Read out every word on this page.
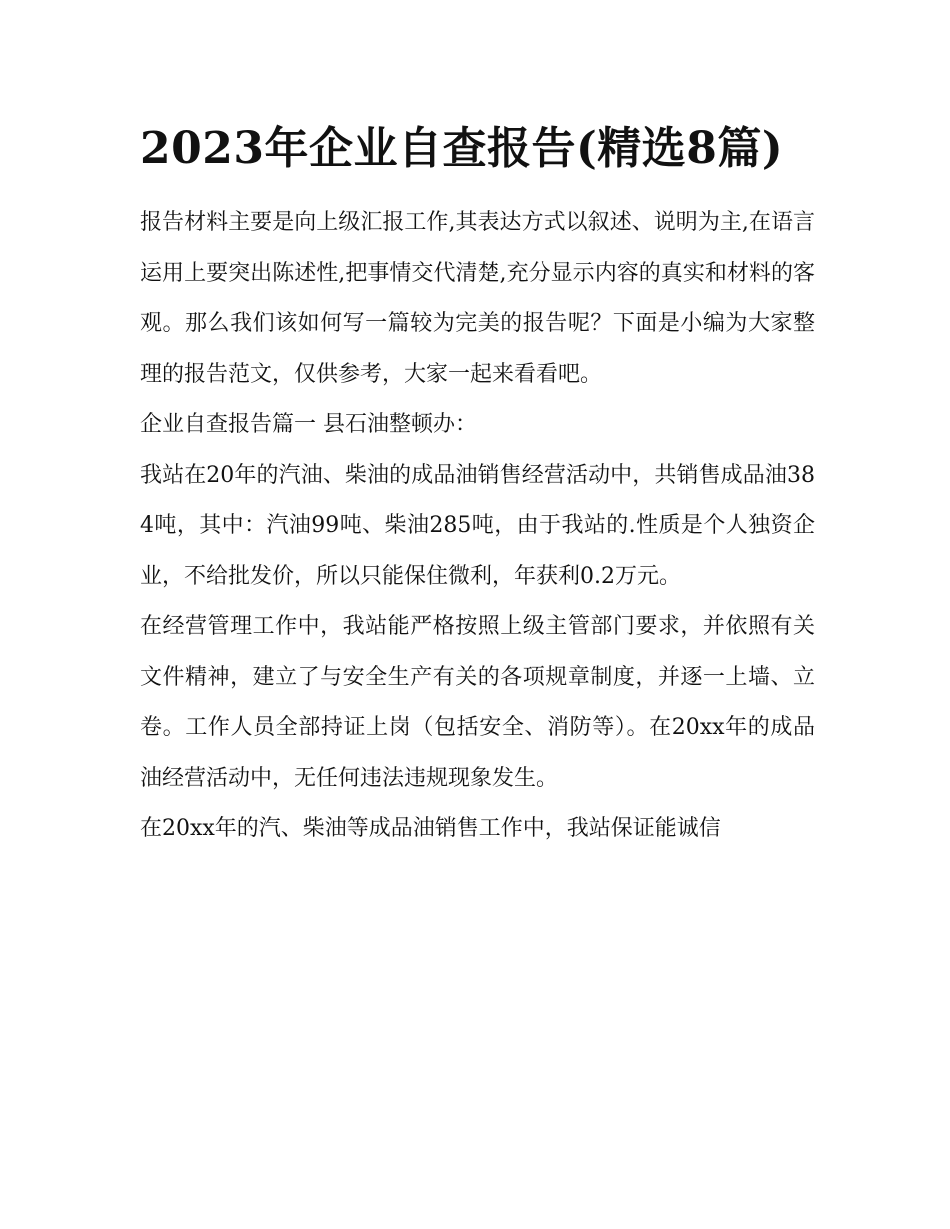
2023年企业自查报告(精选8篇)

报告材料主要是向上级汇报工作,其表达方式以叙述、说明为主,在语言运用上要突出陈述性,把事情交代清楚,充分显示内容的真实和材料的客观。那么我们该如何写一篇较为完美的报告呢？下面是小编为大家整理的报告范文，仅供参考，大家一起来看看吧。

企业自查报告篇一 县石油整顿办：

我站在20年的汽油、柴油的成品油销售经营活动中，共销售成品油384吨，其中：汽油99吨、柴油285吨，由于我站的.性质是个人独资企业，不给批发价，所以只能保住微利，年获利0.2万元。

在经营管理工作中，我站能严格按照上级主管部门要求，并依照有关文件精神，建立了与安全生产有关的各项规章制度，并逐一上墙、立卷。工作人员全部持证上岗（包括安全、消防等）。在20xx年的成品油经营活动中，无任何违法违规现象发生。

在20xx年的汽、柴油等成品油销售工作中，我站保证能诚信
